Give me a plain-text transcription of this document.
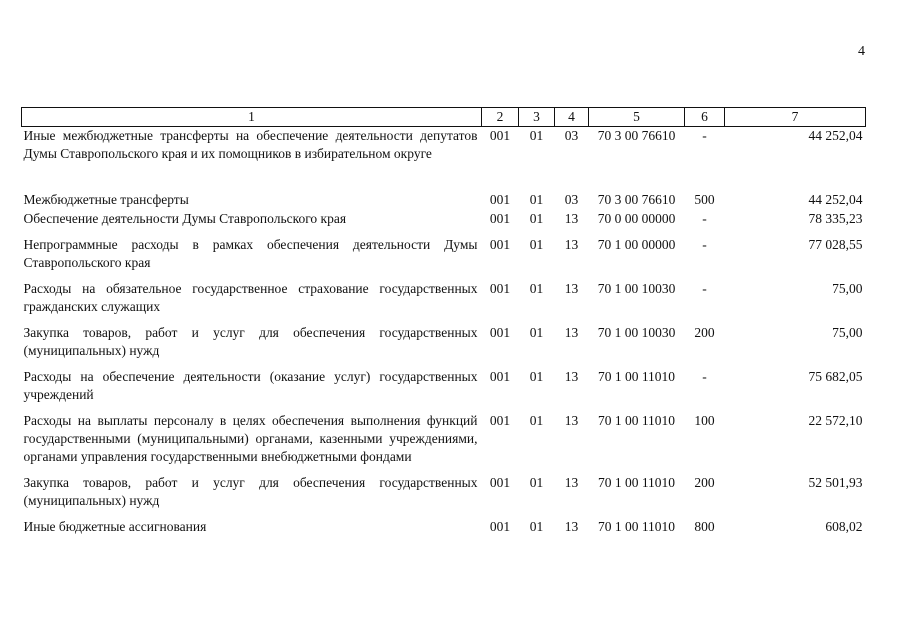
4
1	2	3	4	5	6	7

Иные межбюджетные трансферты на обеспечение деятельности депутатов Думы Ставропольского края и их помощников в избирательном округе	001	01	03	70 3 00 76610	-	44 252,04

Межбюджетные трансферты	001	01	03	70 3 00 76610	500	44 252,04

Обеспечение деятельности Думы Ставропольского края	001	01	13	70 0 00 00000	-	78 335,23

Непрограммные расходы в рамках обеспечения деятельности Думы Ставропольского края	001	01	13	70 1 00 00000	-	77 028,55

Расходы на обязательное государственное страхование государственных гражданских служащих	001	01	13	70 1 00 10030	-	75,00

Закупка товаров, работ и услуг для обеспечения государственных (муниципальных) нужд	001	01	13	70 1 00 10030	200	75,00

Расходы на обеспечение деятельности (оказание услуг) государственных учреждений	001	01	13	70 1 00 11010	-	75 682,05

Расходы на выплаты персоналу в целях обеспечения выполнения функций государственными (муниципальными) органами, казенными учреждениями, органами управления государственными внебюджетными фондами	001	01	13	70 1 00 11010	100	22 572,10

Закупка товаров, работ и услуг для обеспечения государственных (муниципальных) нужд	001	01	13	70 1 00 11010	200	52 501,93

Иные бюджетные ассигнования	001	01	13	70 1 00 11010	800	608,02
